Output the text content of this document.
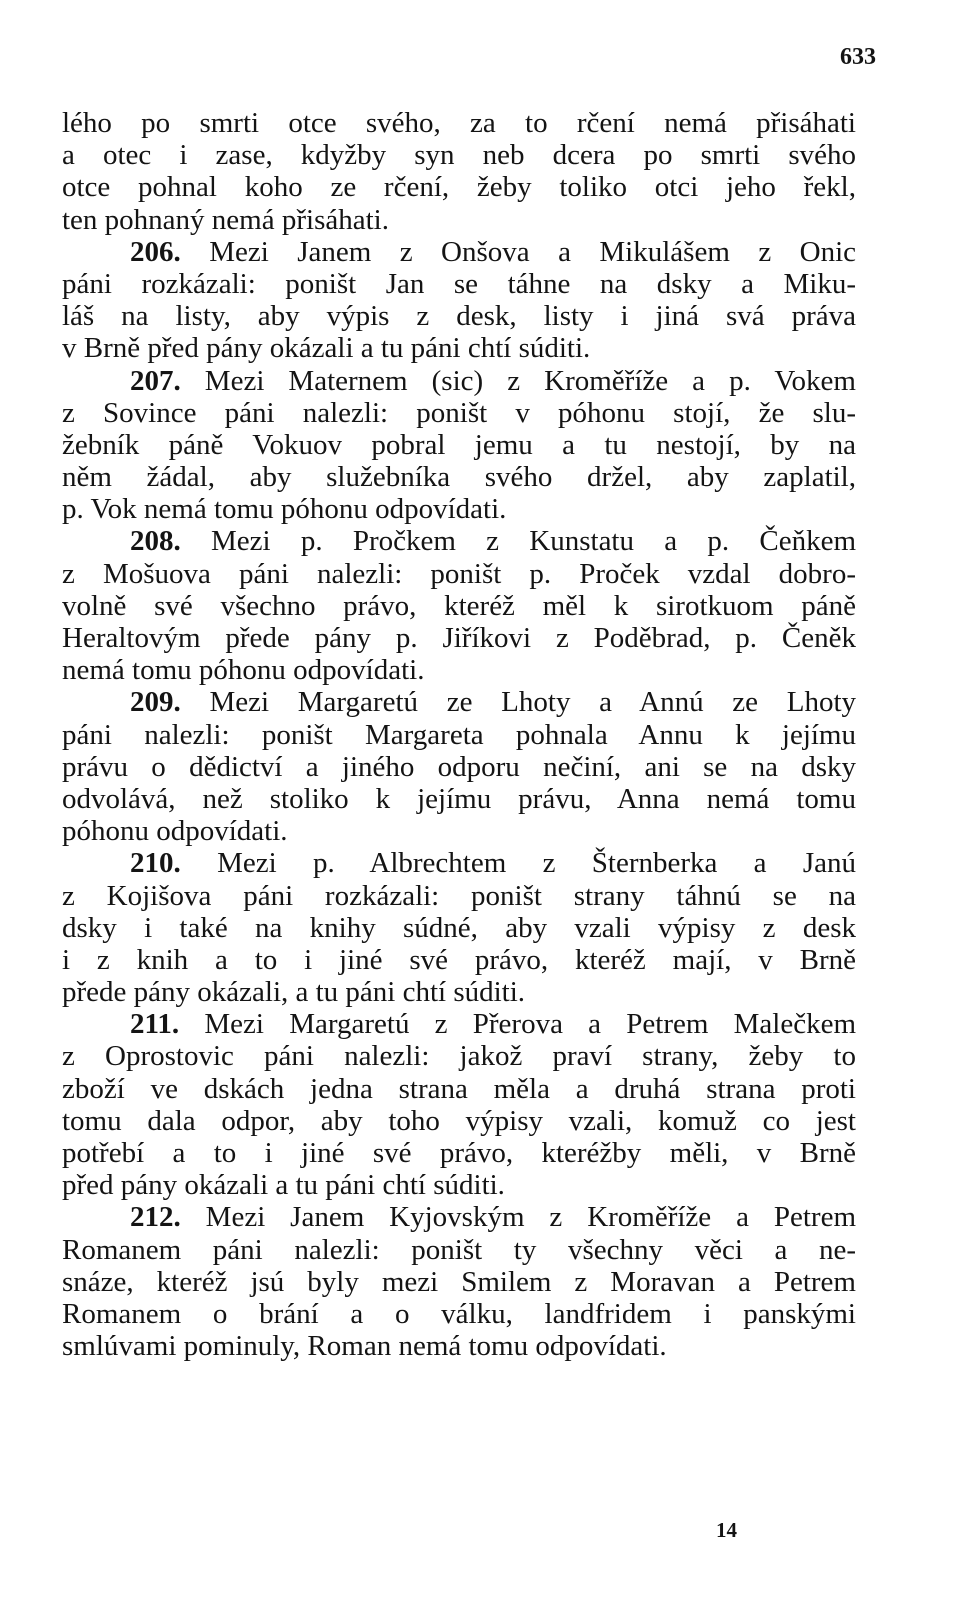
633
lého po smrti otce svého, za to rčení nemá přisáhati
a otec i zase, kdyžby syn neb dcera po smrti svého
otce pohnal koho ze rčení, žeby toliko otci jeho řekl,
ten pohnaný nemá přisáhati.
206. Mezi Janem z Onšova a Mikulášem z Onic
páni rozkázali: poništ Jan se táhne na dsky a Miku-
láš na listy, aby výpis z desk, listy i jiná svá práva
v Brně před pány okázali a tu páni chtí súditi.
207. Mezi Maternem (sic) z Kroměříže a p. Vokem
z Sovince páni nalezli: poništ v póhonu stojí, že slu-
žebník páně Vokuov pobral jemu a tu nestojí, by na
něm žádal, aby služebníka svého držel, aby zaplatil,
p. Vok nemá tomu póhonu odpovídati.
208. Mezi p. Pročkem z Kunstatu a p. Čeňkem
z Mošuova páni nalezli: poništ p. Proček vzdal dobro-
volně své všechno právo, kteréž měl k sirotkuom páně
Heraltovým přede pány p. Jiříkovi z Poděbrad, p. Čeněk
nemá tomu póhonu odpovídati.
209. Mezi Margaretú ze Lhoty a Annú ze Lhoty
páni nalezli: poništ Margareta pohnala Annu k jejímu
právu o dědictví a jiného odporu nečiní, ani se na dsky
odvolává, než stoliko k jejímu právu, Anna nemá tomu
póhonu odpovídati.
210. Mezi p. Albrechtem z Šternberka a Janú
z Kojišova páni rozkázali: poništ strany táhnú se na
dsky i také na knihy súdné, aby vzali výpisy z desk
i z knih a to i jiné své právo, kteréž mají, v Brně
přede pány okázali, a tu páni chtí súditi.
211. Mezi Margaretú z Přerova a Petrem Malečkem
z Oprostovic páni nalezli: jakož praví strany, žeby to
zboží ve dskách jedna strana měla a druhá strana proti
tomu dala odpor, aby toho výpisy vzali, komuž co jest
potřebí a to i jiné své právo, kteréžby měli, v Brně
před pány okázali a tu páni chtí súditi.
212. Mezi Janem Kyjovským z Kroměříže a Petrem
Romanem páni nalezli: poništ ty všechny věci a ne-
snáze, kteréž jsú byly mezi Smilem z Moravan a Petrem
Romanem o brání a o válku, landfridem i panskými
smlúvami pominuly, Roman nemá tomu odpovídati.
14
